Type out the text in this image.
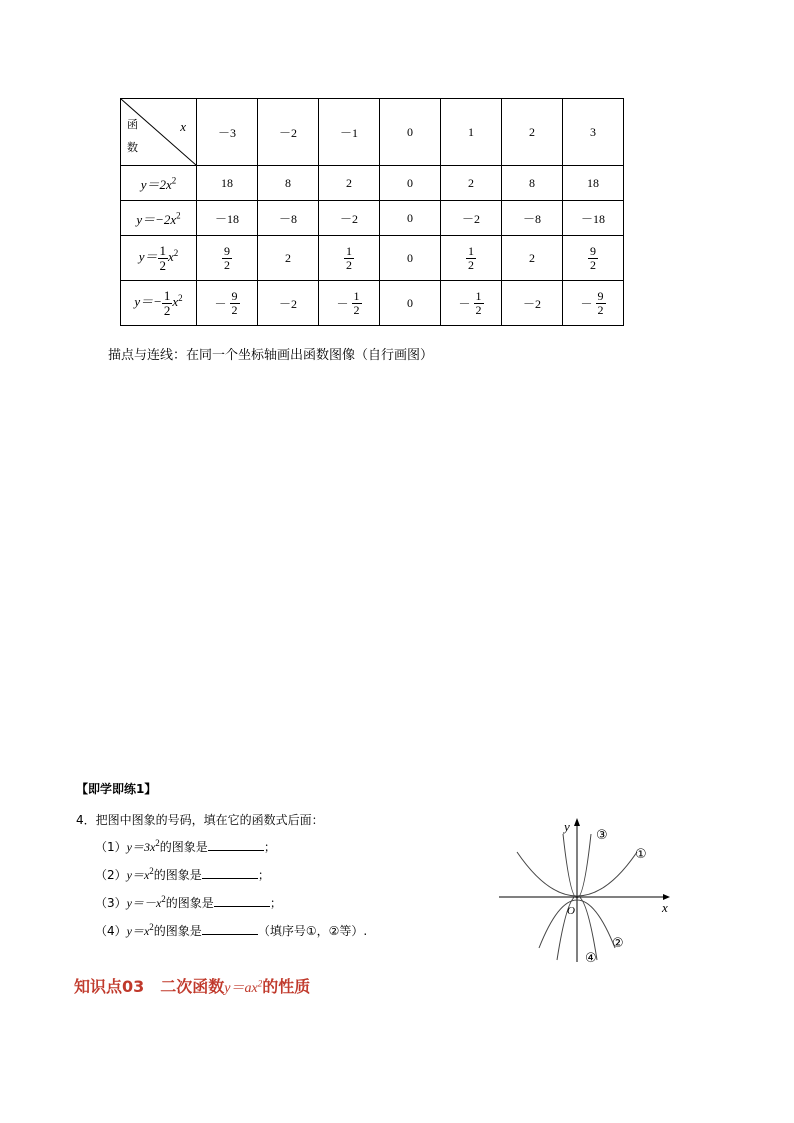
x
函
数	－3	－2	－1	0	1	2	3
$y=2x^2$	18	8	2	0	2	8	18
$y=-2x^2$	－18	－8	－2	0	－2	－8	－18
$y= \frac{1}{2} x^2$	$\frac{9}{2}$	2	$\frac{1}{2}$	0	$\frac{1}{2}$	2	$\frac{9}{2}$

$y=- \frac{1}{2} x^2$	－ $\frac{9}{2}$	－2	－ $\frac{1}{2}$	0	－ $\frac{1}{2}$	－2	－ $\frac{9}{2}$
描点与连线：在同一个坐标轴画出函数图像（自行画图）
【即学即练1】
4．把图中图象的号码，填在它的函数式后面：
$(1)y=3x^2$的图象是	；
$(2)y=x^2$的图象是	；
$(3)y=-x^2$的图象是	；
$(4)y=x^2$的图象是	（填序号①，②等）.
y
x
O
①
②
③
④
知识点03　二次函数$y=ax^2$的性质
